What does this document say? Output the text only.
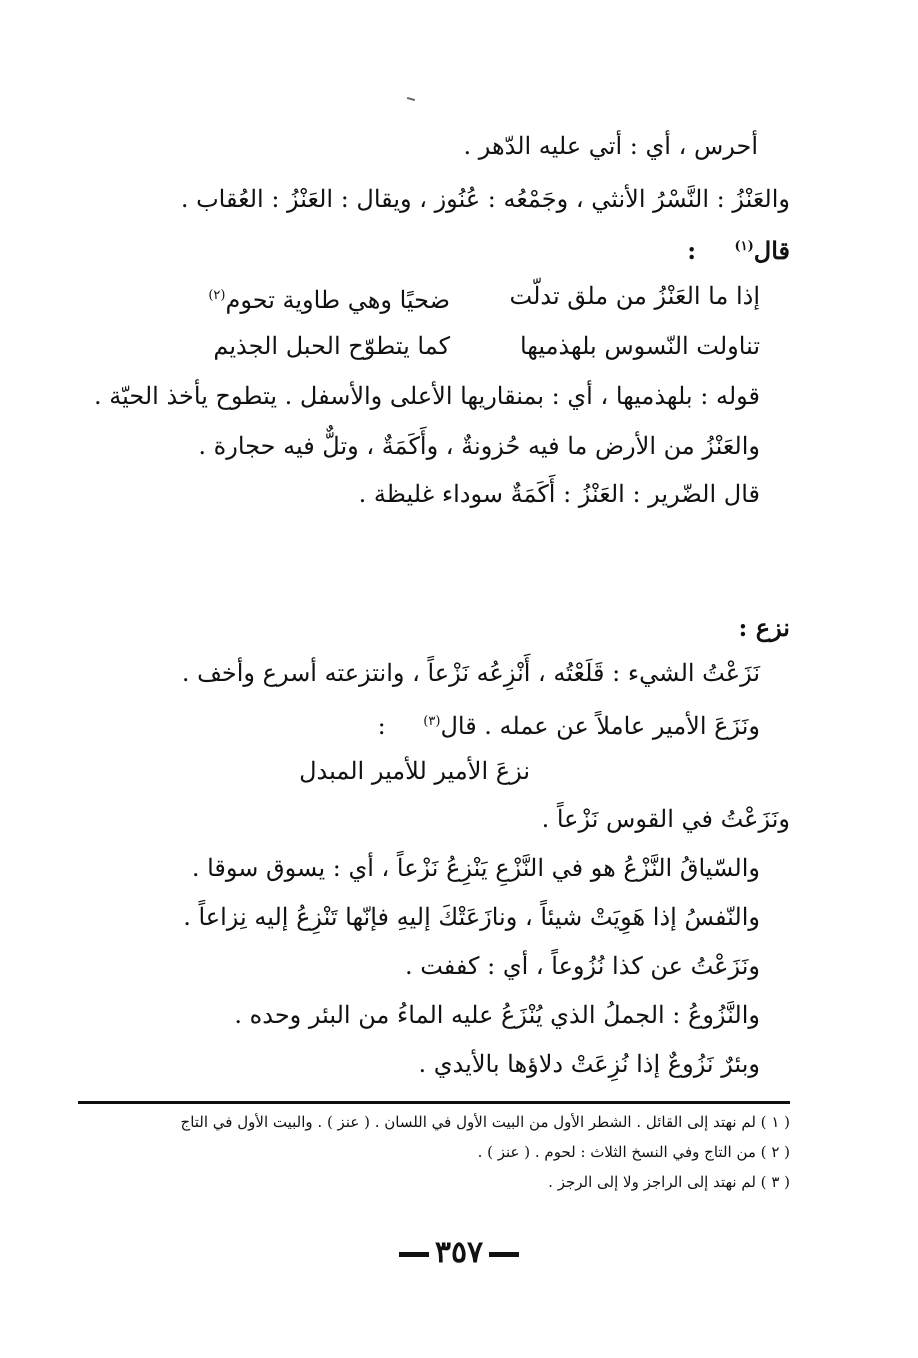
أحرس ، أي : أتي عليه الدّهر .
والعَنْزُ : النَّسْرُ الأنثي ، وجَمْعُه : عُنُوز ، ويقال : العَنْزُ : العُقاب .
قال$^{(١)}$ :
إذا ما العَنْزُ من ملق تدلّت
ضحيًا وهي طاوية تحوم$^{(٢)}$
تناولت النّسوس بلهذميها
كما يتطوّح الحبل الجذيم
قوله : بلهذميها ، أي : بمنقاريها الأعلى والأسفل . يتطوح يأخذ الحيّة .
والعَنْزُ من الأرض ما فيه حُزونةٌ ، وأَكَمَةٌ ، وتلٌّ فيه حجارة .
قال الضّرير : العَنْزُ : أَكَمَةٌ سوداء غليظة .
نزع :
نَزَعْتُ الشيء : قَلَعْتُه ، أَنْزِعُه نَزْعاً ، وانتزعته أسرع وأخف .
ونَزَعَ الأمير عاملاً عن عمله . قال$^{(٣)}$ :
نزعَ الأمير للأمير المبدل
ونَزَعْتُ في القوس نَزْعاً .
والسّياقُ النَّزْعُ هو في النَّزْعِ يَنْزِعُ نَزْعاً ، أي : يسوق سوقا .
والنّفسُ إذا هَوِيَتْ شيئاً ، ونازَعَتْكَ إليهِ فإنّها تَنْزِعُ إليه نِزاعاً .
ونَزَعْتُ عن كذا نُزُوعاً ، أي : كففت .
والنَّزُوعُ : الجملُ الذي يُنْزَعُ عليه الماءُ من البئر وحده .
وبئرٌ نَزُوعٌ إذا نُزِعَتْ دلاؤها بالأيدي .
( ١ ) لم نهتد إلى القائل . الشطر الأول من البيت الأول في اللسان . ( عنز ) . والبيت الأول في التاج
( ٢ ) من التاج وفي النسخ الثلاث : لحوم . ( عنز ) .
( ٣ ) لم نهتد إلى الراجز ولا إلى الرجز .
٣٥٧
